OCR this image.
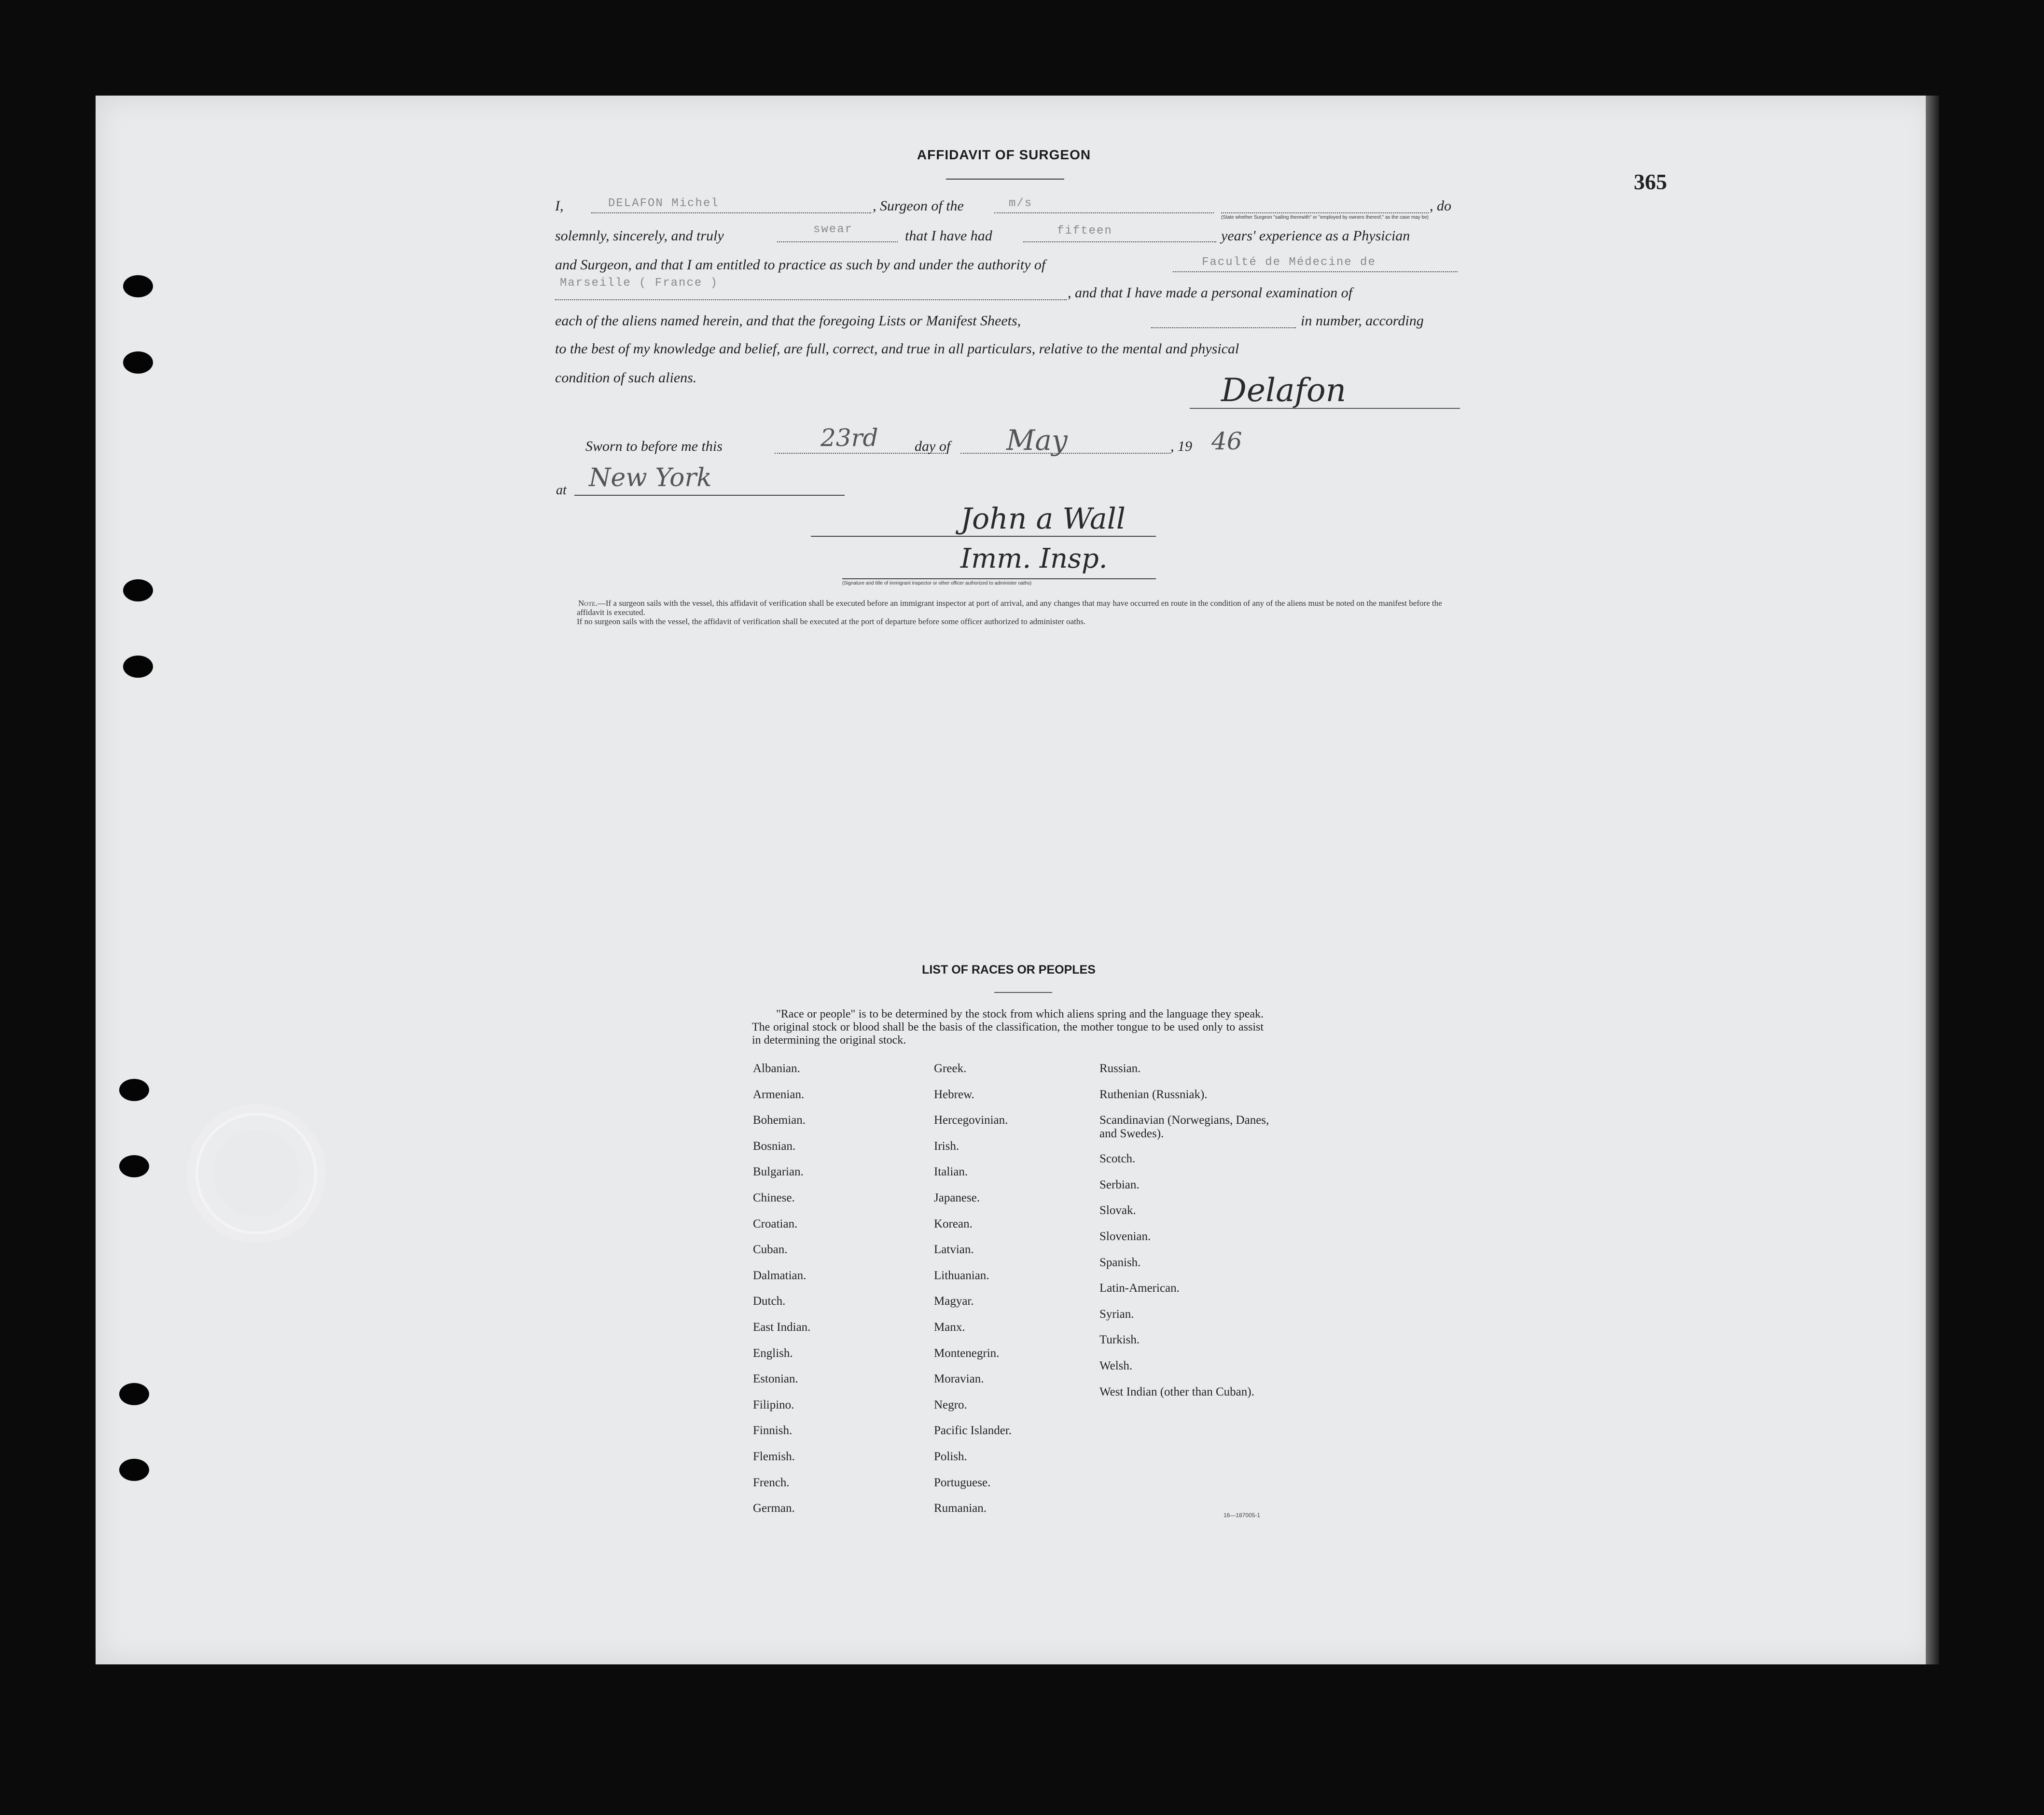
365
AFFIDAVIT OF SURGEON
I,	DELAFON Michel	, Surgeon of the	m/s	, do
(State whether Surgeon "sailing therewith" or "employed by owners thereof," as the case may be)
solemnly, sincerely, and truly	swear	that I have had	fifteen	years' experience as a Physician
and Surgeon, and that I am entitled to practice as such by and under the authority of	Faculté de Médecine de
Marseille ( France )
, and that I have made a personal examination of
each of the aliens named herein, and that the foregoing Lists or Manifest Sheets,	in number, according
to the best of my knowledge and belief, are full, correct, and true in all particulars, relative to the mental and physical
condition of such aliens.	Delafon
Sworn to before me this	23rd	day of May	, 19 46
at New York
John a Wall
Imm. Insp.
(Signature and title of immigrant inspector or other officer authorized to administer oaths)
Note.—If a surgeon sails with the vessel, this affidavit of verification shall be executed before an immigrant inspector at port of arrival, and any changes that may have occurred en route in the condition of any of the aliens must be noted on the manifest before the affidavit is executed.
If no surgeon sails with the vessel, the affidavit of verification shall be executed at the port of departure before some officer authorized to administer oaths.
LIST OF RACES OR PEOPLES
"Race or people" is to be determined by the stock from which aliens spring and the language they speak. The original stock or blood shall be the basis of the classification, the mother tongue to be used only to assist in determining the original stock.
Albanian.
Armenian.
Bohemian.
Bosnian.
Bulgarian.
Chinese.
Croatian.
Cuban.
Dalmatian.
Dutch.
East Indian.
English.
Estonian.
Filipino.
Finnish.
Flemish.
French.
German.
Greek.
Hebrew.
Hercegovinian.
Irish.
Italian.
Japanese.
Korean.
Latvian.
Lithuanian.
Magyar.
Manx.
Montenegrin.
Moravian.
Negro.
Pacific Islander.
Polish.
Portuguese.
Rumanian.
Russian.
Ruthenian (Russniak).
Scandinavian (Norwegians, Danes, and Swedes).
Scotch.
Serbian.
Slovak.
Slovenian.
Spanish.
Latin-American.
Syrian.
Turkish.
Welsh.
West Indian (other than Cuban).
16—187005-1
